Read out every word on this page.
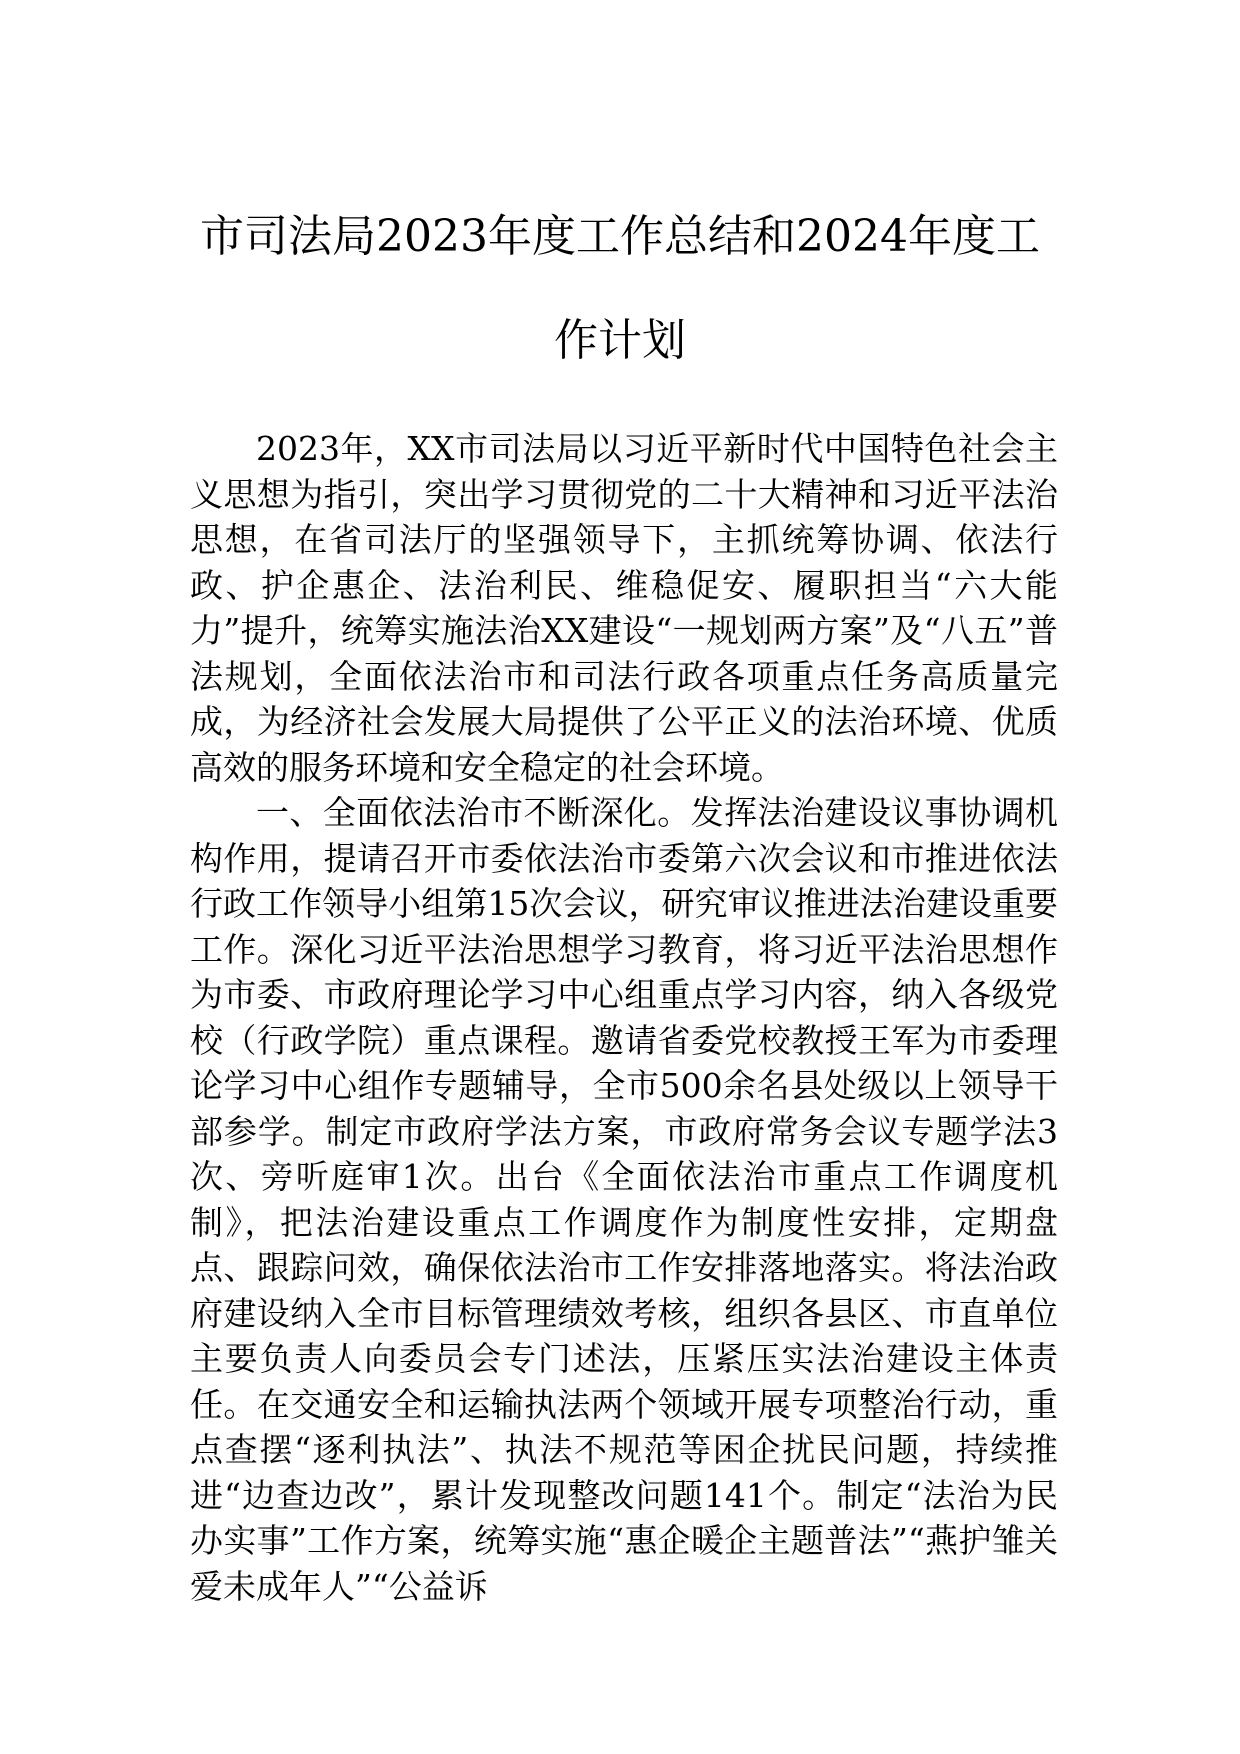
市司法局2023年度工作总结和2024年度工
作计划

2023年，XX市司法局以习近平新时代中国特色社会主义思想为指引，突出学习贯彻党的二十大精神和习近平法治思想，在省司法厅的坚强领导下，主抓统筹协调、依法行政、护企惠企、法治利民、维稳促安、履职担当“六大能力”提升，统筹实施法治XX建设“一规划两方案”及“八五”普法规划，全面依法治市和司法行政各项重点任务高质量完成，为经济社会发展大局提供了公平正义的法治环境、优质高效的服务环境和安全稳定的社会环境。

一、全面依法治市不断深化。发挥法治建设议事协调机构作用，提请召开市委依法治市委第六次会议和市推进依法行政工作领导小组第15次会议，研究审议推进法治建设重要工作。深化习近平法治思想学习教育，将习近平法治思想作为市委、市政府理论学习中心组重点学习内容，纳入各级党校（行政学院）重点课程。邀请省委党校教授王军为市委理论学习中心组作专题辅导，全市500余名县处级以上领导干部参学。制定市政府学法方案，市政府常务会议专题学法3次、旁听庭审1次。出台《全面依法治市重点工作调度机制》，把法治建设重点工作调度作为制度性安排，定期盘点、跟踪问效，确保依法治市工作安排落地落实。将法治政府建设纳入全市目标管理绩效考核，组织各县区、市直单位主要负责人向委员会专门述法，压紧压实法治建设主体责任。在交通安全和运输执法两个领域开展专项整治行动，重点查摆“逐利执法”、执法不规范等困企扰民问题，持续推进“边查边改”，累计发现整改问题141个。制定“法治为民办实事”工作方案，统筹实施“惠企暖企主题普法”“燕护雏关爱未成年人”“公益诉
